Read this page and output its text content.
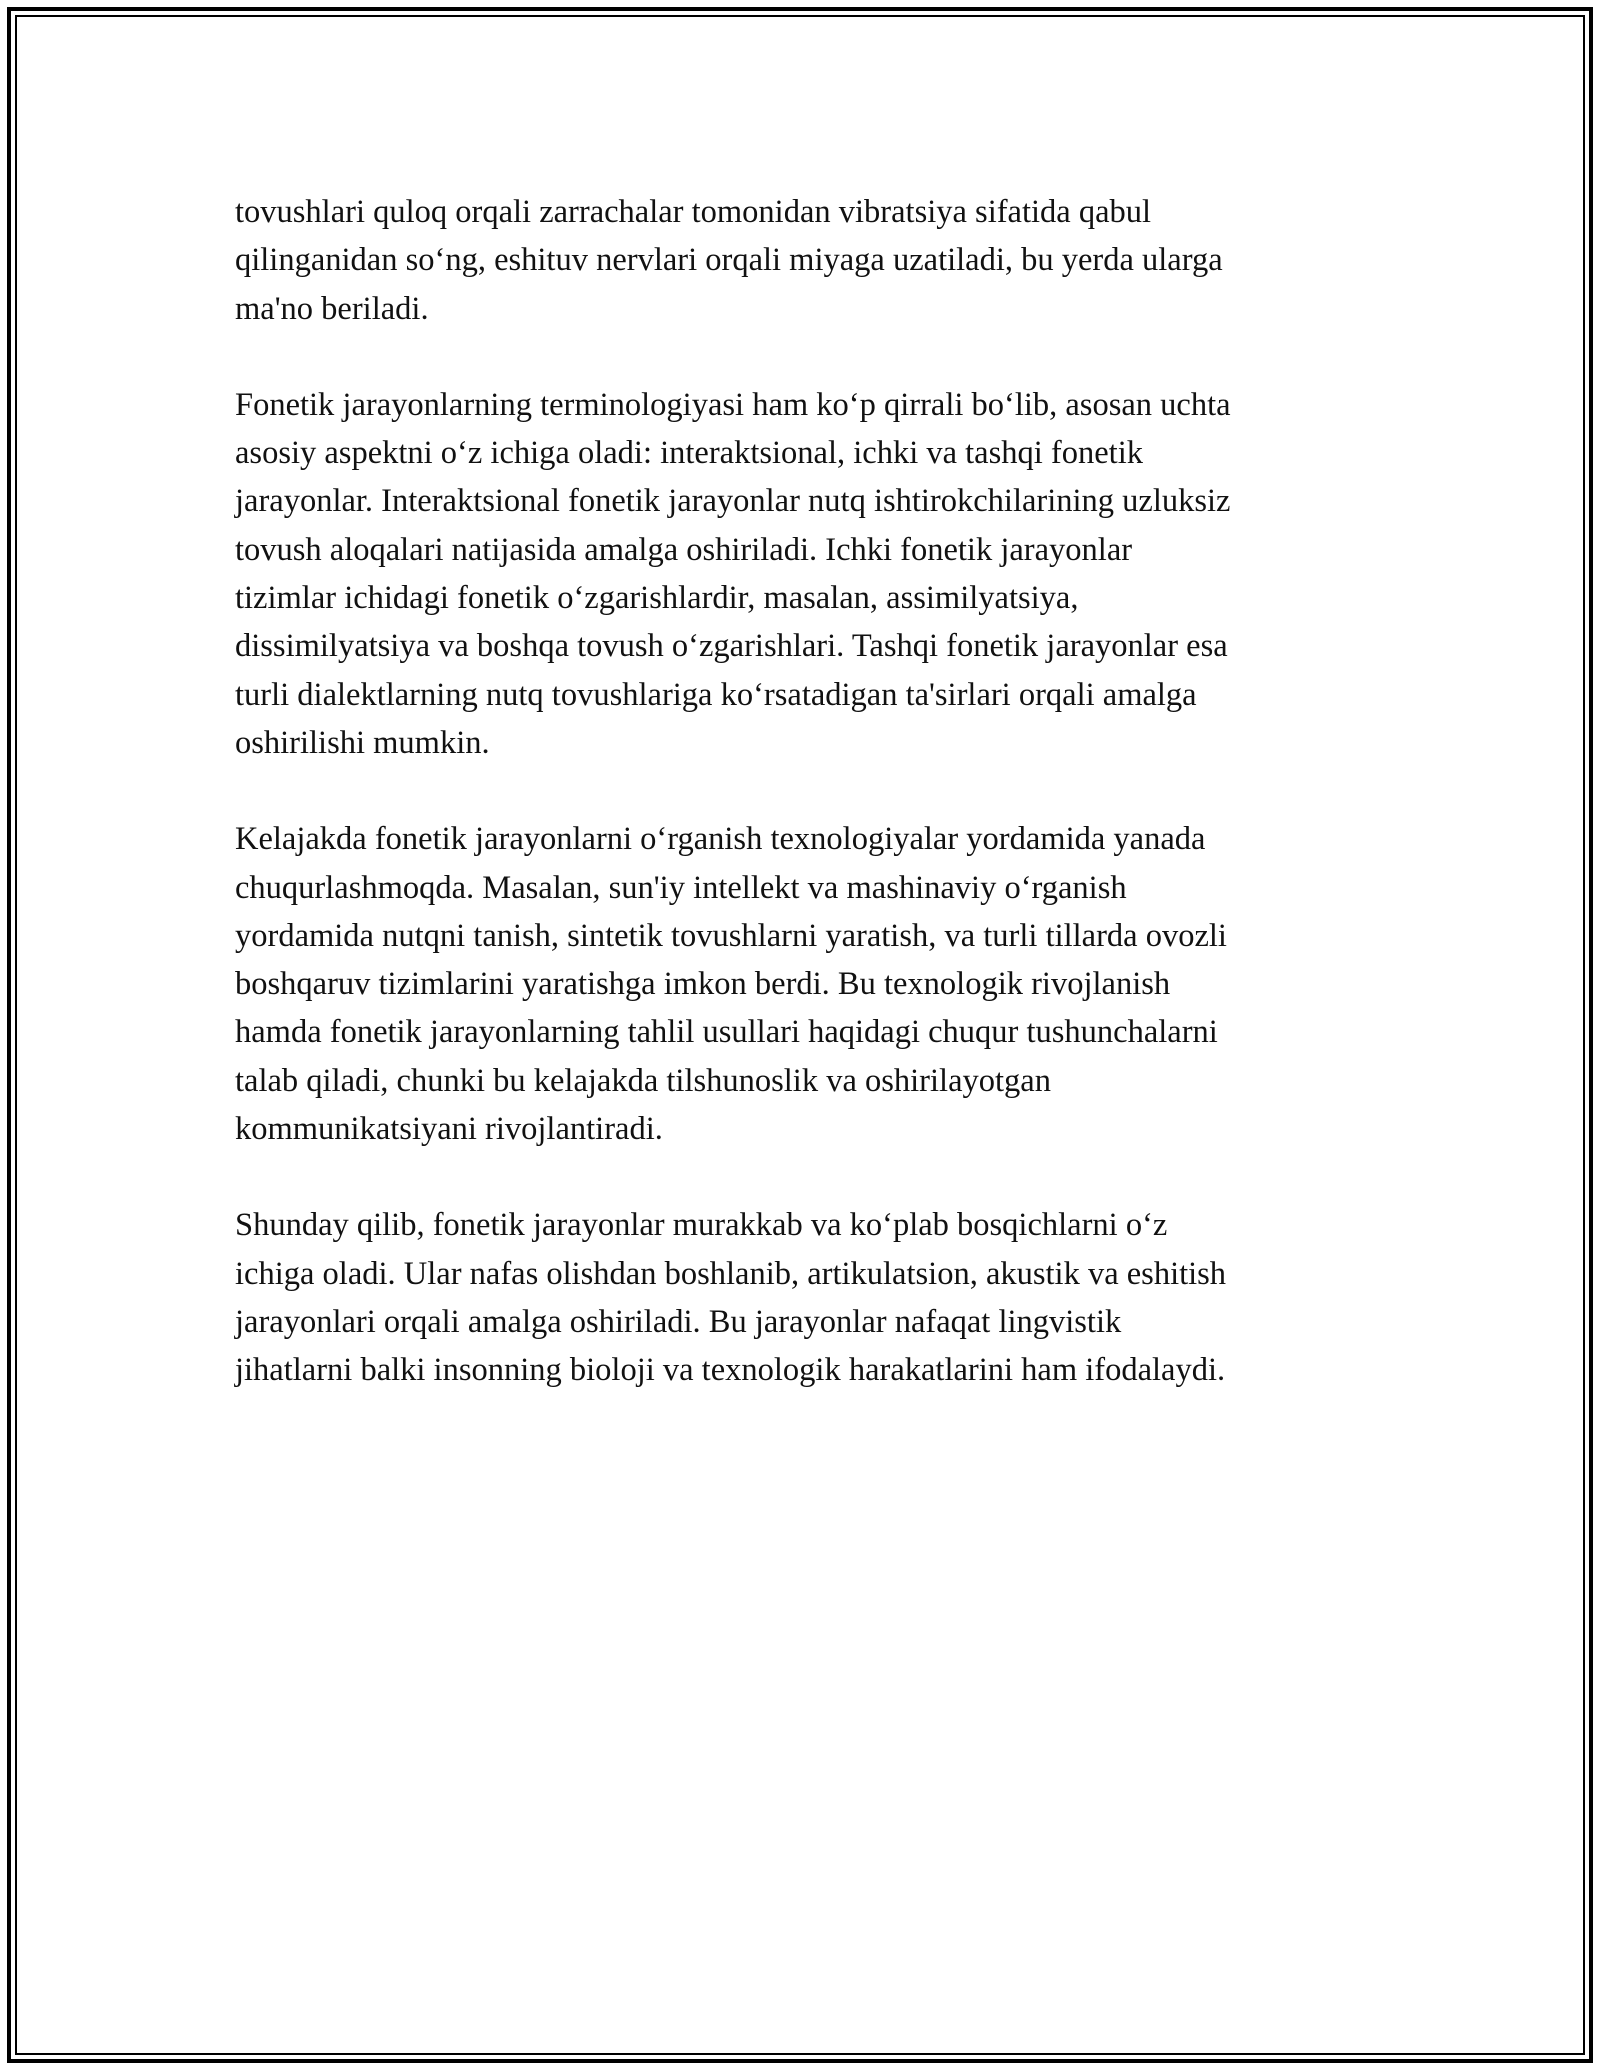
tovushlari quloq orqali zarrachalar tomonidan vibratsiya sifatida qabul
qilinganidan so‘ng, eshituv nervlari orqali miyaga uzatiladi, bu yerda ularga
ma'no beriladi.

Fonetik jarayonlarning terminologiyasi ham ko‘p qirrali bo‘lib, asosan uchta
asosiy aspektni o‘z ichiga oladi: interaktsional, ichki va tashqi fonetik
jarayonlar. Interaktsional fonetik jarayonlar nutq ishtirokchilarining uzluksiz
tovush aloqalari natijasida amalga oshiriladi. Ichki fonetik jarayonlar
tizimlar ichidagi fonetik o‘zgarishlardir, masalan, assimilyatsiya,
dissimilyatsiya va boshqa tovush o‘zgarishlari. Tashqi fonetik jarayonlar esa
turli dialektlarning nutq tovushlariga ko‘rsatadigan ta'sirlari orqali amalga
oshirilishi mumkin.

Kelajakda fonetik jarayonlarni o‘rganish texnologiyalar yordamida yanada
chuqurlashmoqda. Masalan, sun'iy intellekt va mashinaviy o‘rganish
yordamida nutqni tanish, sintetik tovushlarni yaratish, va turli tillarda ovozli
boshqaruv tizimlarini yaratishga imkon berdi. Bu texnologik rivojlanish
hamda fonetik jarayonlarning tahlil usullari haqidagi chuqur tushunchalarni
talab qiladi, chunki bu kelajakda tilshunoslik va oshirilayotgan
kommunikatsiyani rivojlantiradi.

Shunday qilib, fonetik jarayonlar murakkab va ko‘plab bosqichlarni o‘z
ichiga oladi. Ular nafas olishdan boshlanib, artikulatsion, akustik va eshitish
jarayonlari orqali amalga oshiriladi. Bu jarayonlar nafaqat lingvistik
jihatlarni balki insonning bioloji va texnologik harakatlarini ham ifodalaydi.
